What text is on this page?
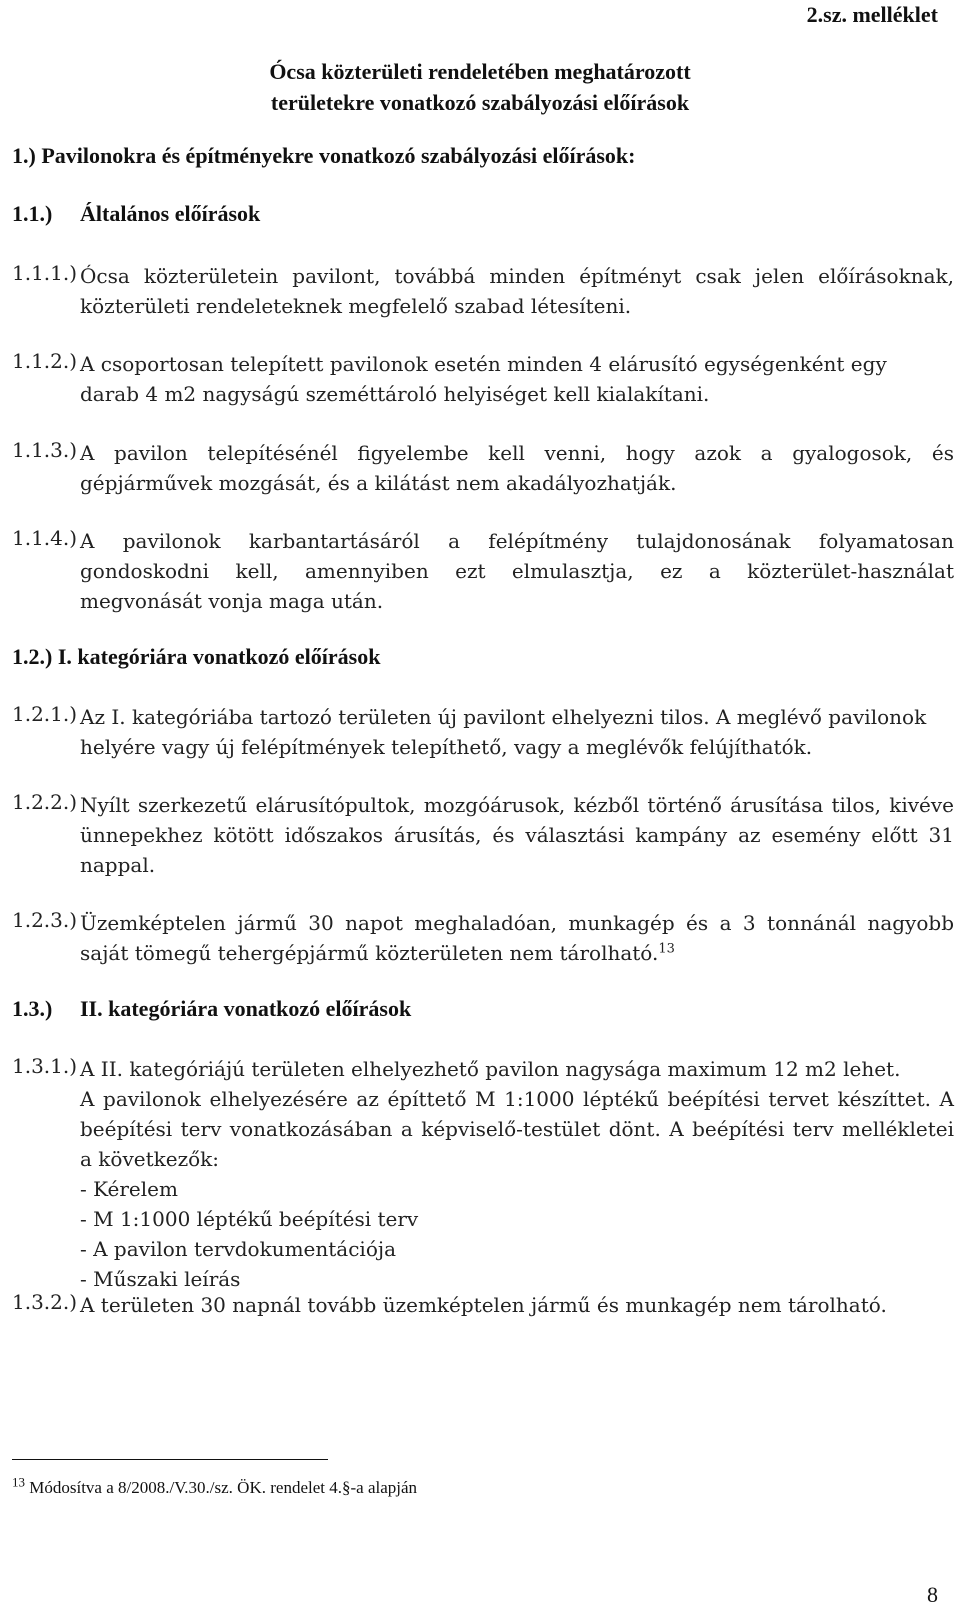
2.sz. melléklet
Ócsa közterületi rendeletében meghatározott
területekre vonatkozó szabályozási előírások
1.) Pavilonokra és építményekre vonatkozó szabályozási előírások:
1.1.) Általános előírások
1.1.1.) Ócsa közterületein pavilont, továbbá minden építményt csak jelen előírásoknak,
közterületi rendeleteknek megfelelő szabad létesíteni.
1.1.2.) A csoportosan telepített pavilonok esetén minden 4 elárusító egységenként egy
darab 4 m2 nagyságú szeméttároló helyiséget kell kialakítani.
1.1.3.) A pavilon telepítésénél figyelembe kell venni, hogy azok a gyalogosok, és
gépjárművek mozgását, és a kilátást nem akadályozhatják.
1.1.4.) A pavilonok karbantartásáról a felépítmény tulajdonosának folyamatosan
gondoskodni kell, amennyiben ezt elmulasztja, ez a közterület-használat
megvonását vonja maga után.
1.2.) I. kategóriára vonatkozó előírások
1.2.1.) Az I. kategóriába tartozó területen új pavilont elhelyezni tilos. A meglévő pavilonok
helyére vagy új felépítmények telepíthető, vagy a meglévők felújíthatók.
1.2.2.) Nyílt szerkezetű elárusítópultok, mozgóárusok, kézből történő árusítása tilos, kivéve
ünnepekhez kötött időszakos árusítás, és választási kampány az esemény előtt 31
nappal.
1.2.3.) Üzemképtelen jármű 30 napot meghaladóan, munkagép és a 3 tonnánál nagyobb
saját tömegű tehergépjármű közterületen nem tárolható.$^{13}$
1.3.) II. kategóriára vonatkozó előírások
1.3.1.) A II. kategóriájú területen elhelyezhető pavilon nagysága maximum 12 m2 lehet.
A pavilonok elhelyezésére az építtető M 1:1000 léptékű beépítési tervet készíttet. A
beépítési terv vonatkozásában a képviselő-testület dönt. A beépítési terv mellékletei
a következők:
- Kérelem
- M 1:1000 léptékű beépítési terv
- A pavilon tervdokumentációja
- Műszaki leírás
1.3.2.) A területen 30 napnál tovább üzemképtelen jármű és munkagép nem tárolható.
$^{13}$ Módosítva a 8/2008./V.30./sz. ÖK. rendelet 4.§-a alapján
8
